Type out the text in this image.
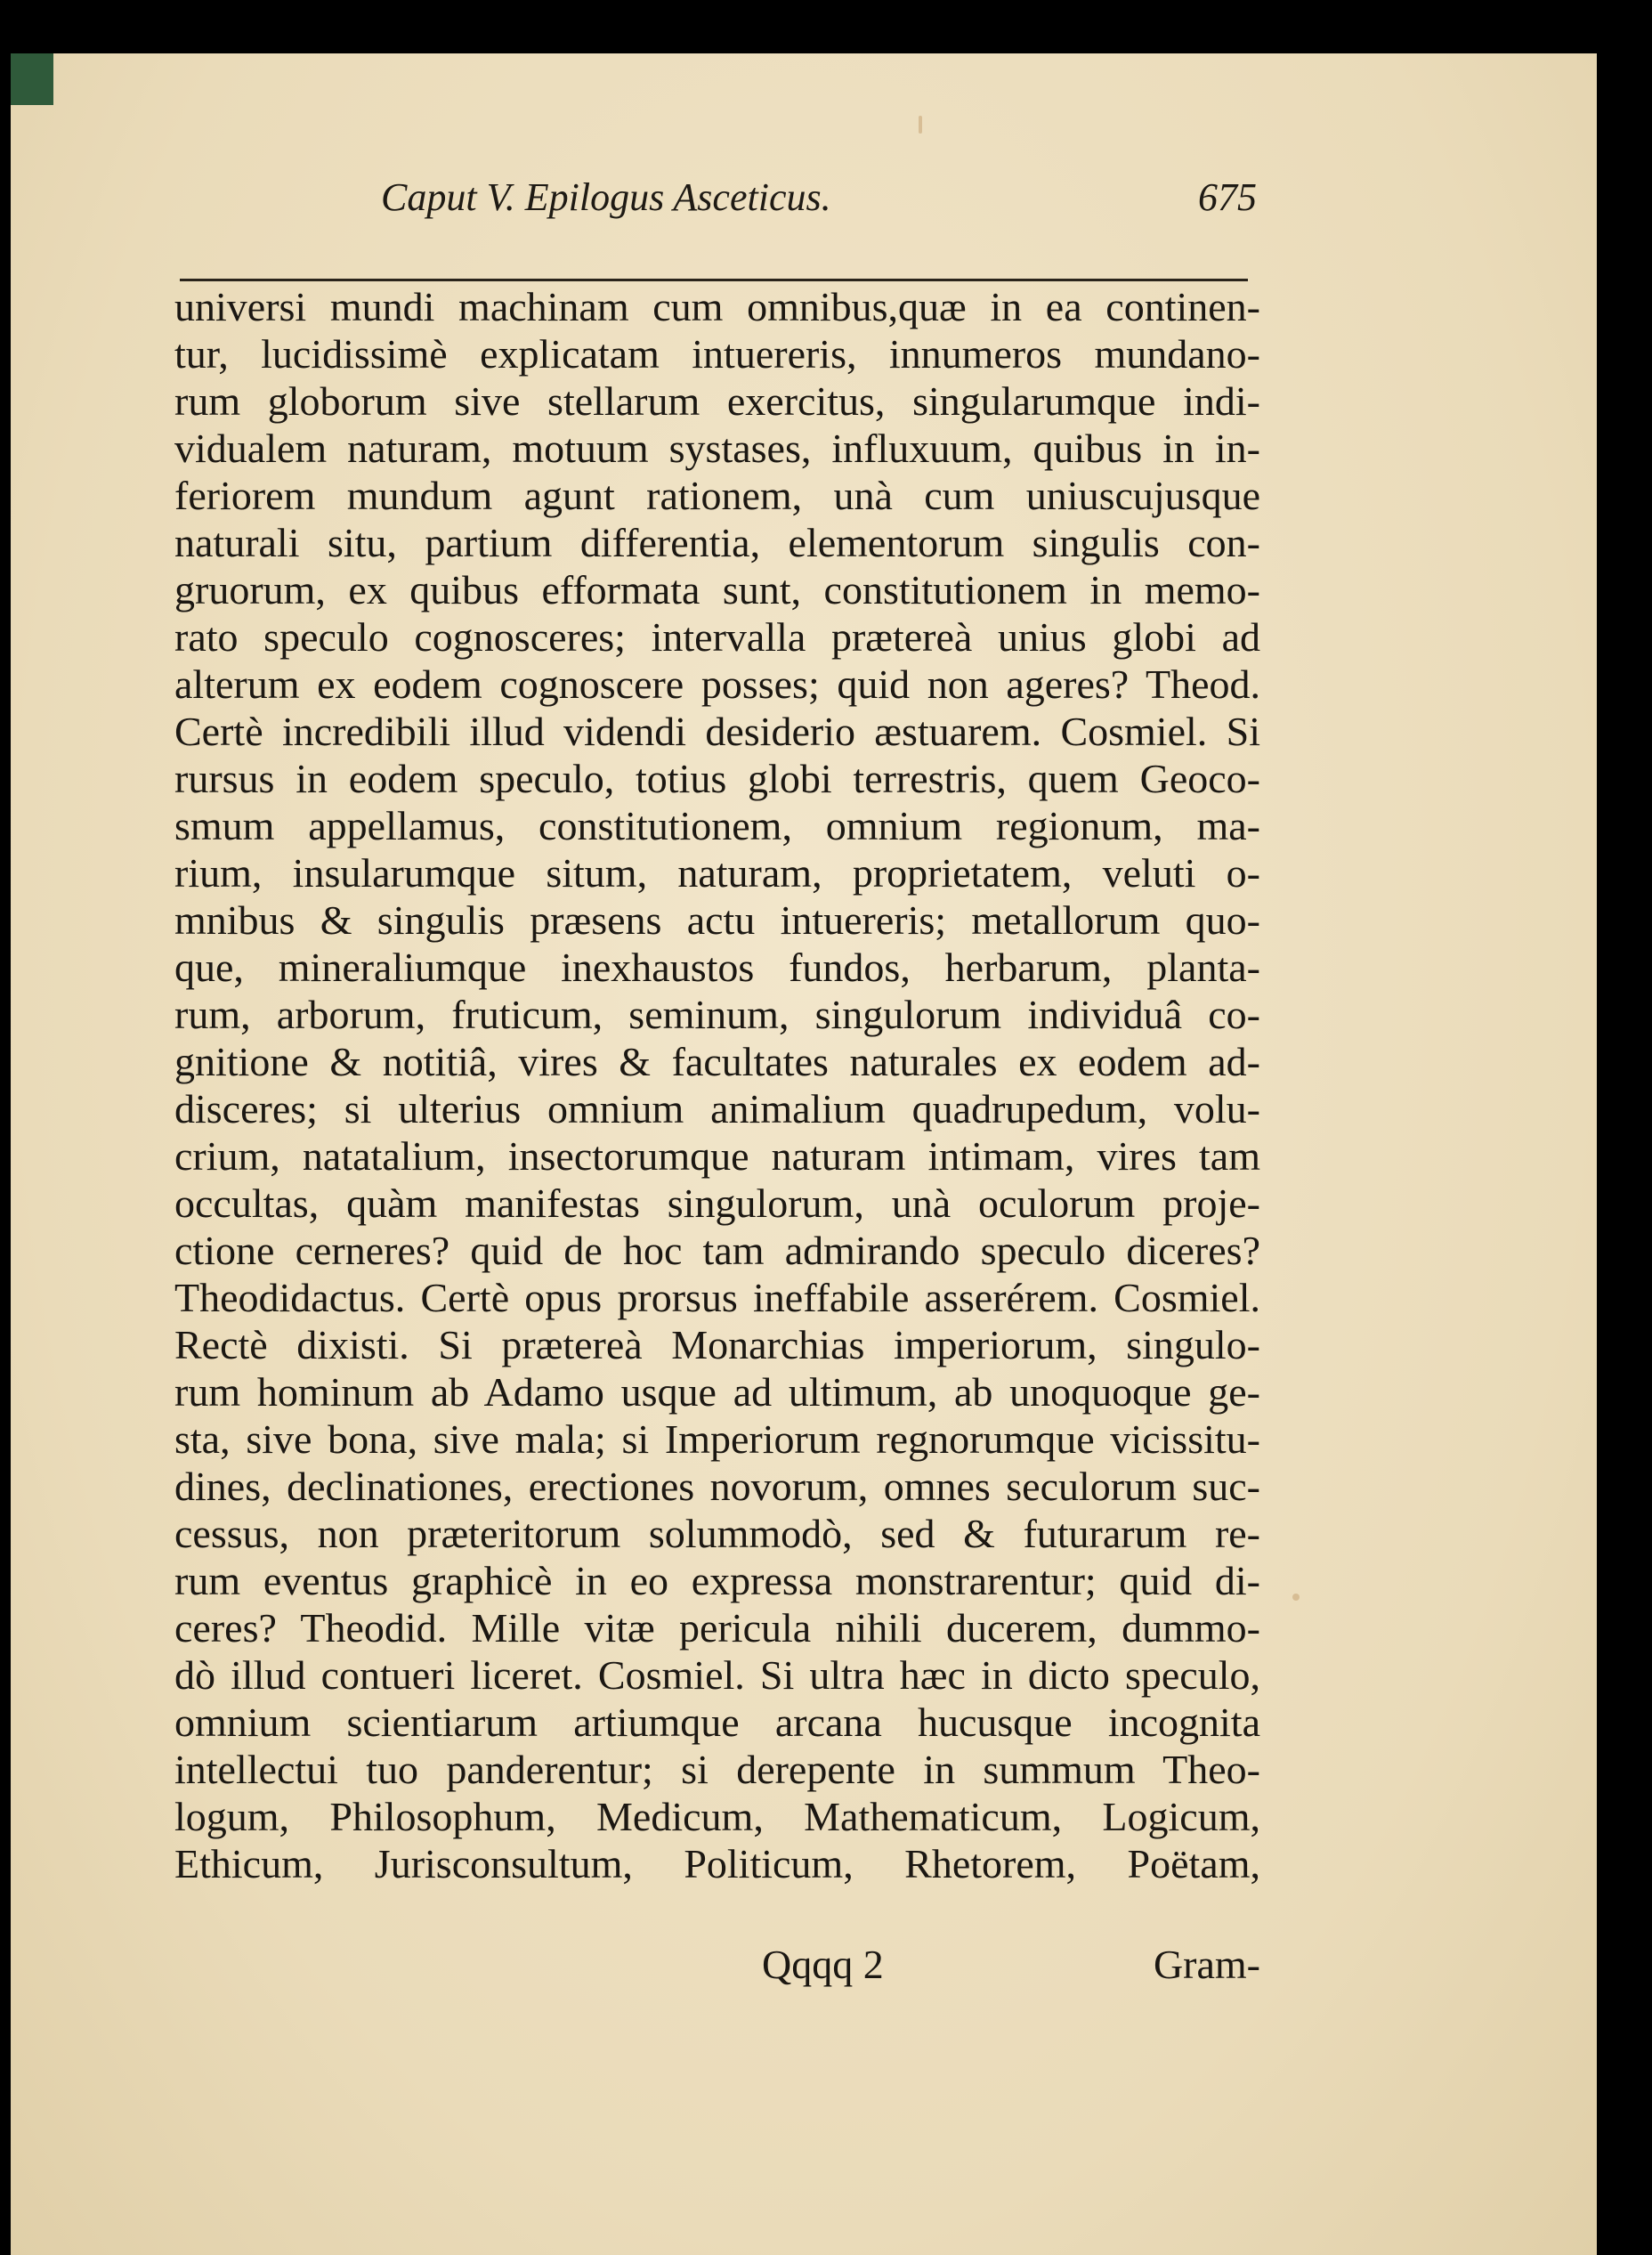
Caput V. Epilogus Asceticus.	675
universi mundi machinam cum omnibus,quæ in ea continen-
tur, lucidissimè explicatam intuereris, innumeros mundano-
rum globorum sive stellarum exercitus, singularumque indi-
vidualem naturam, motuum systases, influxuum, quibus in in-
feriorem mundum agunt rationem, unà cum uniuscujusque
naturali situ, partium differentia, elementorum singulis con-
gruorum, ex quibus efformata sunt, constitutionem in memo-
rato speculo cognosceres; intervalla prætereà unius globi ad
alterum ex eodem cognoscere posses; quid non ageres? Theod.
Certè incredibili illud videndi desiderio æstuarem. Cosmiel. Si
rursus in eodem speculo, totius globi terrestris, quem Geoco-
smum appellamus, constitutionem, omnium regionum, ma-
rium, insularumque situm, naturam, proprietatem, veluti o-
mnibus & singulis præsens actu intuereris; metallorum quo-
que, mineraliumque inexhaustos fundos, herbarum, planta-
rum, arborum, fruticum, seminum, singulorum individuâ co-
gnitione & notitiâ, vires & facultates naturales ex eodem ad-
disceres; si ulterius omnium animalium quadrupedum, volu-
crium, natatalium, insectorumque naturam intimam, vires tam
occultas, quàm manifestas singulorum, unà oculorum proje-
ctione cerneres? quid de hoc tam admirando speculo diceres?
Theodidactus. Certè opus prorsus ineffabile asserérem. Cosmiel.
Rectè dixisti. Si prætereà Monarchias imperiorum, singulo-
rum hominum ab Adamo usque ad ultimum, ab unoquoque ge-
sta, sive bona, sive mala; si Imperiorum regnorumque vicissitu-
dines, declinationes, erectiones novorum, omnes seculorum suc-
cessus, non præteritorum solummodò, sed & futurarum re-
rum eventus graphicè in eo expressa monstrarentur; quid di-
ceres? Theodid. Mille vitæ pericula nihili ducerem, dummo-
dò illud contueri liceret. Cosmiel. Si ultra hæc in dicto speculo,
omnium scientiarum artiumque arcana hucusque incognita
intellectui tuo panderentur; si derepente in summum Theo-
logum, Philosophum, Medicum, Mathematicum, Logicum,
Ethicum, Jurisconsultum, Politicum, Rhetorem, Poëtam,
Qqqq 2	Gram-
